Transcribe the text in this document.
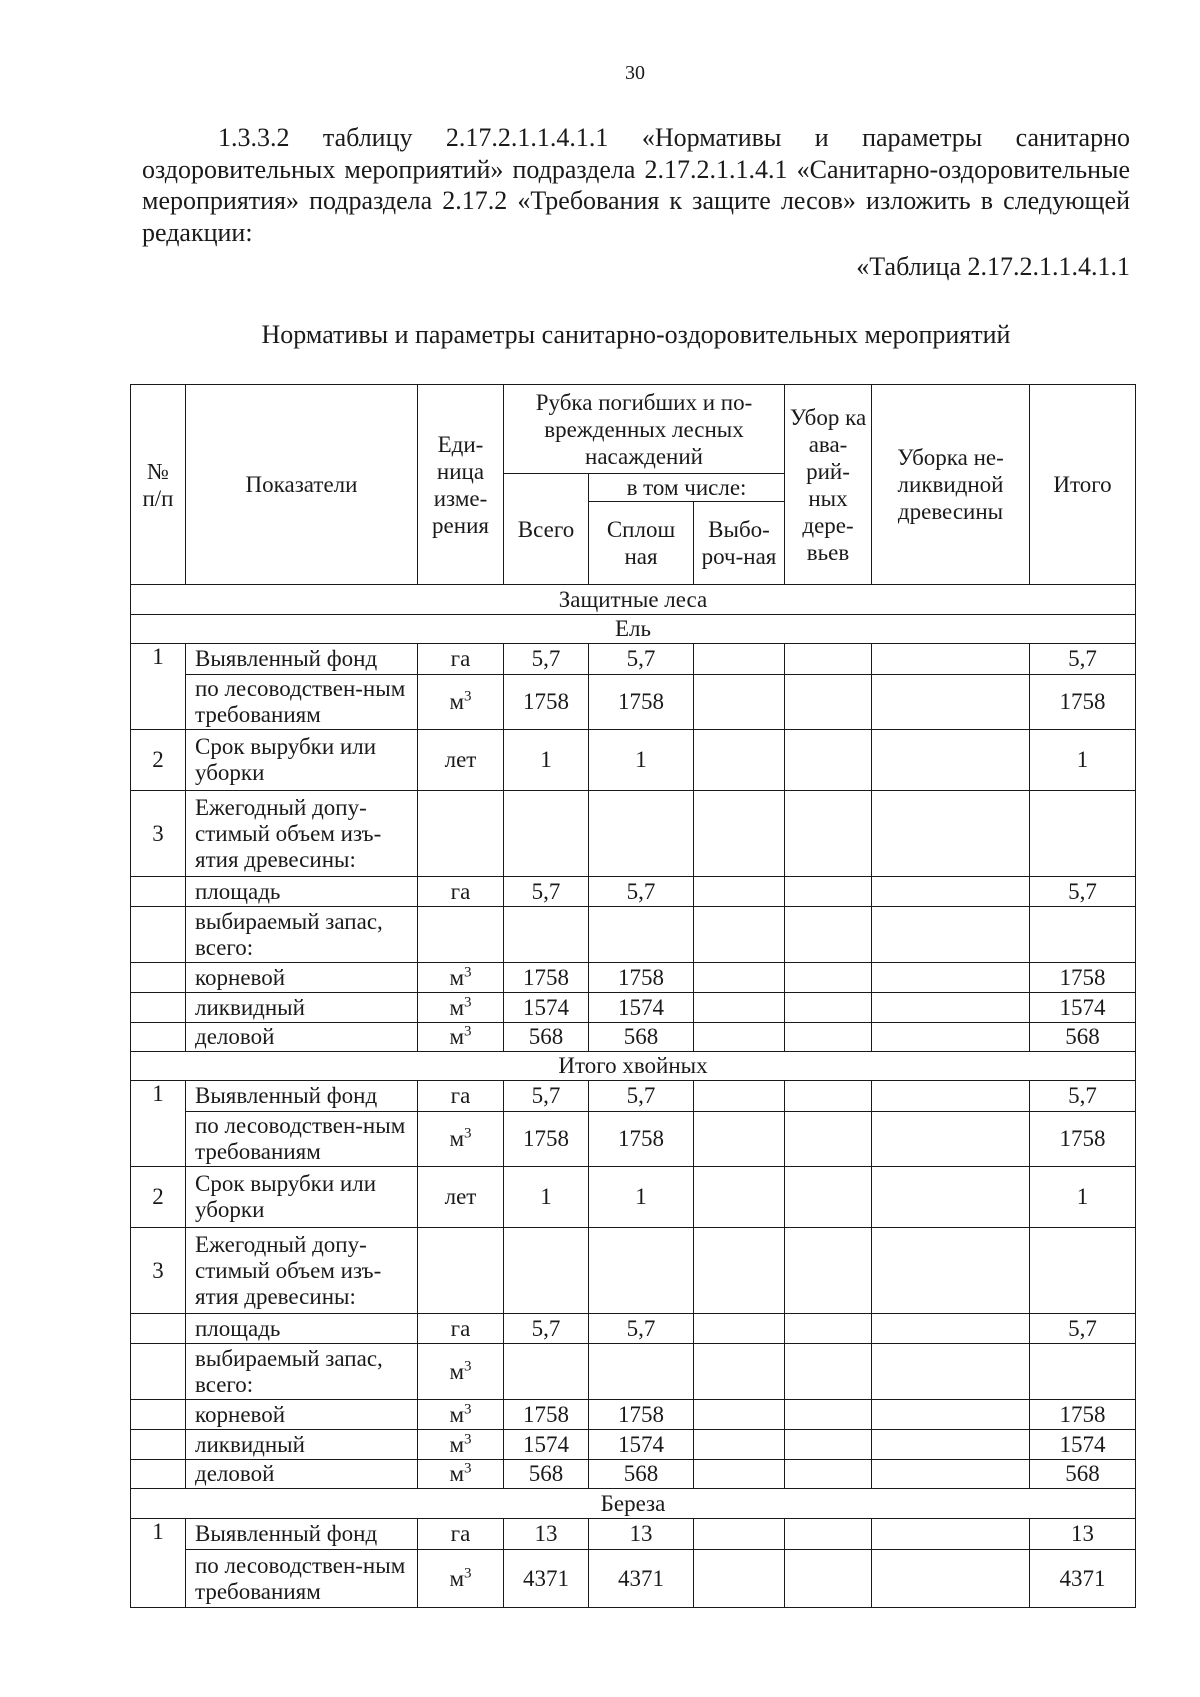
30

1.3.3.2 таблицу 2.17.2.1.1.4.1.1 «Нормативы и параметры санитарно оздоровительных мероприятий» подраздела 2.17.2.1.1.4.1 «Санитарно-оздоровительные мероприятия» подраздела 2.17.2 «Требования к защите лесов» изложить в следующей редакции:

«Таблица 2.17.2.1.1.4.1.1
Нормативы и параметры санитарно-оздоровительных мероприятий
№ п/п	Показатели	Еди-ница изме-рения	Рубка погибших и по-врежденных лесных насаждений			Убор ка ава-рий-ных дере-вьев	Уборка не-ликвидной древесины	Итого
			Всего	в том числе:				
				Сплош ная	Выбо-роч-ная			
Защитные леса								
Ель								
1	Выявленный фонд	га	5,7	5,7				5,7
	по лесоводствен-ным требованиям	$м^3$	1758	1758				1758
2	Срок вырубки или уборки	лет	1	1				1
3	Ежегодный допу-стимый объем изъ-ятия древесины:							
	площадь	га	5,7	5,7				5,7
	выбираемый запас, всего:							
	корневой	$м^3$	1758	1758				1758
	ликвидный	$м^3$	1574	1574				1574
	деловой	$м^3$	568	568				568
Итого хвойных								
1	Выявленный фонд	га	5,7	5,7				5,7
	по лесоводствен-ным требованиям	$м^3$	1758	1758				1758
2	Срок вырубки или уборки	лет	1	1				1
3	Ежегодный допу-стимый объем изъ-ятия древесины:							
	площадь	га	5,7	5,7				5,7
	выбираемый запас, всего:	$м^3$						
	корневой	$м^3$	1758	1758				1758
	ликвидный	$м^3$	1574	1574				1574
	деловой	$м^3$	568	568				568
Береза								
1	Выявленный фонд	га	13	13				13
	по лесоводствен-ным требованиям	$м^3$	4371	4371				4371
